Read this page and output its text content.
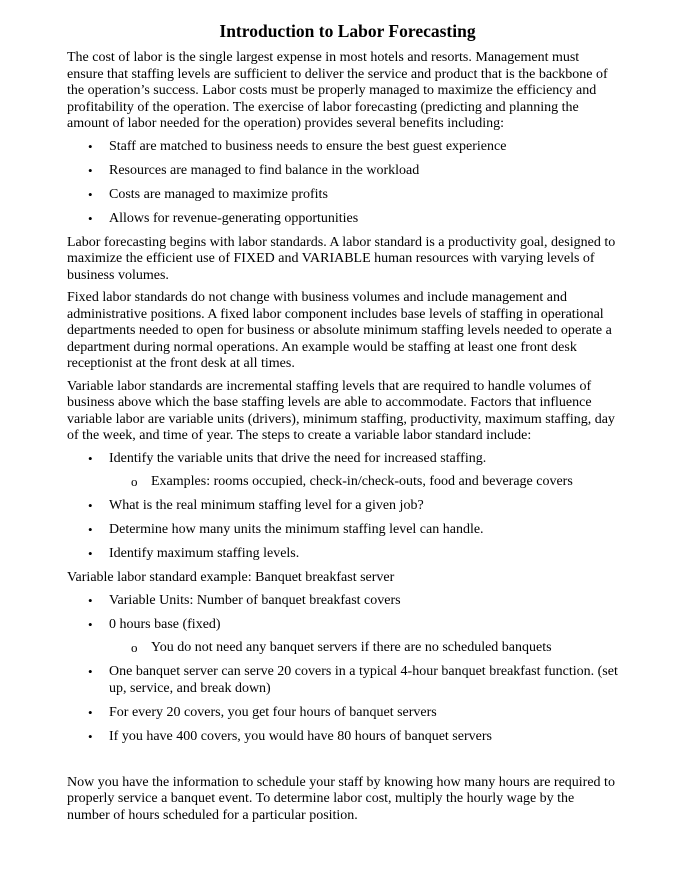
Introduction to Labor Forecasting

The cost of labor is the single largest expense in most hotels and resorts. Management must ensure that staffing levels are sufficient to deliver the service and product that is the backbone of the operation’s success. Labor costs must be properly managed to maximize the efficiency and profitability of the operation. The exercise of labor forecasting (predicting and planning the amount of labor needed for the operation) provides several benefits including:

• Staff are matched to business needs to ensure the best guest experience
• Resources are managed to find balance in the workload
• Costs are managed to maximize profits
• Allows for revenue-generating opportunities

Labor forecasting begins with labor standards. A labor standard is a productivity goal, designed to maximize the efficient use of FIXED and VARIABLE human resources with varying levels of business volumes.

Fixed labor standards do not change with business volumes and include management and administrative positions. A fixed labor component includes base levels of staffing in operational departments needed to open for business or absolute minimum staffing levels needed to operate a department during normal operations. An example would be staffing at least one front desk receptionist at the front desk at all times.

Variable labor standards are incremental staffing levels that are required to handle volumes of business above which the base staffing levels are able to accommodate. Factors that influence variable labor are variable units (drivers), minimum staffing, productivity, maximum staffing, day of the week, and time of year. The steps to create a variable labor standard include:

• Identify the variable units that drive the need for increased staffing.
o Examples: rooms occupied, check-in/check-outs, food and beverage covers
• What is the real minimum staffing level for a given job?
• Determine how many units the minimum staffing level can handle.
• Identify maximum staffing levels.

Variable labor standard example: Banquet breakfast server

• Variable Units: Number of banquet breakfast covers
• 0 hours base (fixed)
o You do not need any banquet servers if there are no scheduled banquets
• One banquet server can serve 20 covers in a typical 4-hour banquet breakfast function. (set up, service, and break down)
• For every 20 covers, you get four hours of banquet servers
• If you have 400 covers, you would have 80 hours of banquet servers

Now you have the information to schedule your staff by knowing how many hours are required to properly service a banquet event. To determine labor cost, multiply the hourly wage by the number of hours scheduled for a particular position.
